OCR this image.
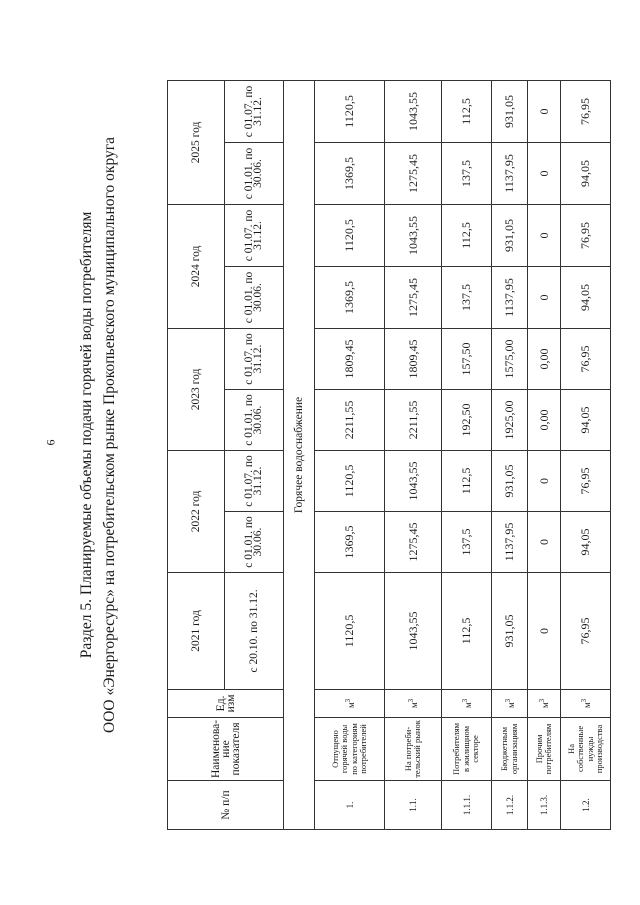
6 Раздел 5. Планируемые объемы подачи горячей воды потребителям ООО «Энергоресурс» на потребительском рынке Прокопьевского муниципального округа
№ п/п	Наименова-ние показателя	Ед. изм	2021 год	2022 год		2023 год		2024 год		2025 год	
			с 20.10. по 31.12.	с 01.01. по 30.06.	с 01.07. по 31.12.	с 01.01. по 30.06.	с 01.07. по 31.12.	с 01.01. по 30.06.	с 01.07. по 31.12.	с 01.01. по 30.06.	с 01.07. по 31.12.
Горячее водоснабжение											
1.	Отпущено горячей воды по категориям потребителей	$м^3$	1120,5	1369,5	1120,5	2211,55	1809,45	1369,5	1120,5	1369,5	1120,5
1.1.	На потреби-тельский рынок	$м^3$	1043,55	1275,45	1043,55	2211,55	1809,45	1275,45	1043,55	1275,45	1043,55
1.1.1.	Потребителям в жилищном секторе	$м^3$	112,5	137,5	112,5	192,50	157,50	137,5	112,5	137,5	112,5
1.1.2.	Бюджетным организациям	$м^3$	931,05	1137,95	931,05	1925,00	1575,00	1137,95	931,05	1137,95	931,05
1.1.3.	Прочим потребителям	$м^3$	0	0	0	0,00	0,00	0	0	0	0
1.2.	На собственные нужды производства	$м^3$	76,95	94,05	76,95	94,05	76,95	94,05	76,95	94,05	76,95
